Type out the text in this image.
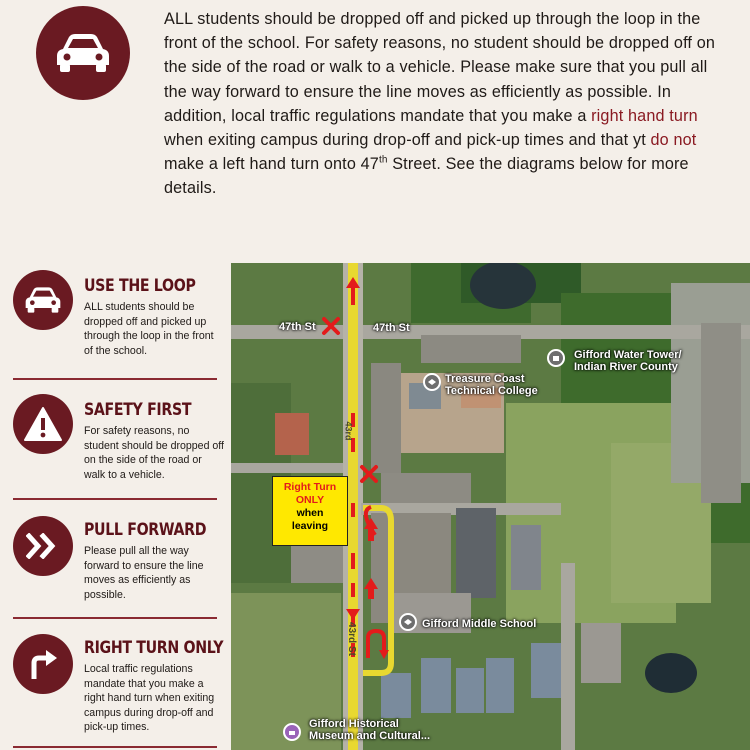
ALL students should be dropped off and picked up through the loop in the front of the school. For safety reasons, no student should be dropped off on the side of the road or walk to a vehicle. Please make sure that you pull all the way forward to ensure the line moves as efficiently as possible. In addition, local traffic regulations mandate that you make a right hand turn when exiting campus during drop-off and pick-up times and that yt do not make a left hand turn onto 47th Street. See the diagrams below for more details.
USE THE LOOP
ALL students should be dropped off and picked up through the loop in the front of the school.
SAFETY FIRST
For safety reasons, no student should be dropped off on the side of the road or walk to a vehicle.
PULL FORWARD
Please pull all the way forward to ensure the line moves as efficiently as possible.
RIGHT TURN ONLY
Local traffic regulations mandate that you make a right hand turn when exiting campus during drop-off and pick-up times.
47th St	47th St
43rd
43rd St
Gifford Water Tower/
Indian River County
Treasure Coast
Technical College
Gifford Middle School
Gifford Historical
Museum and Cultural...
Right Turn
ONLY
when
leaving
